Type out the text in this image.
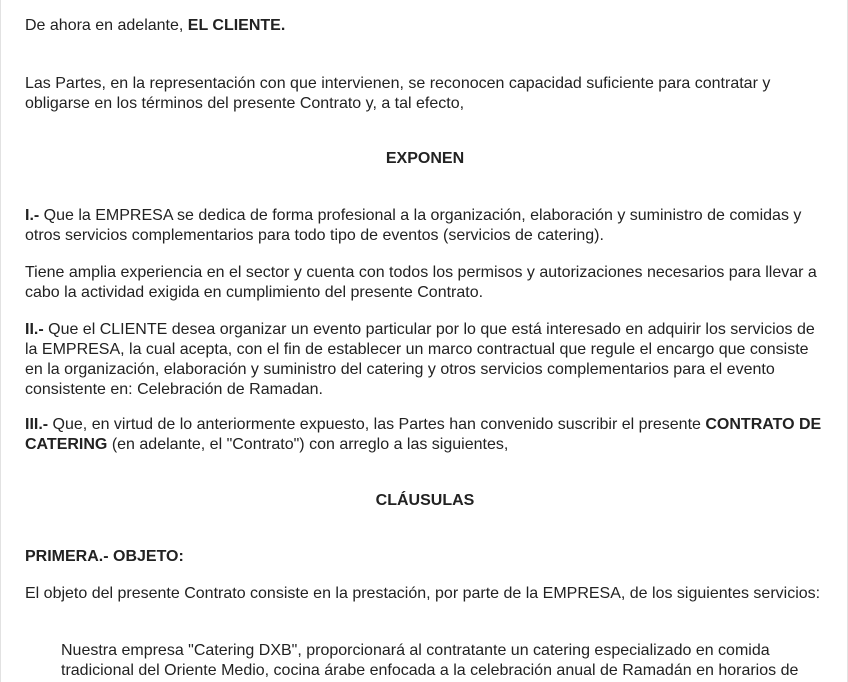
De ahora en adelante, EL CLIENTE.

Las Partes, en la representación con que intervienen, se reconocen capacidad suficiente para contratar y obligarse en los términos del presente Contrato y, a tal efecto,

EXPONEN

I.- Que la EMPRESA se dedica de forma profesional a la organización, elaboración y suministro de comidas y otros servicios complementarios para todo tipo de eventos (servicios de catering).

Tiene amplia experiencia en el sector y cuenta con todos los permisos y autorizaciones necesarios para llevar a cabo la actividad exigida en cumplimiento del presente Contrato.

II.- Que el CLIENTE desea organizar un evento particular por lo que está interesado en adquirir los servicios de la EMPRESA, la cual acepta, con el fin de establecer un marco contractual que regule el encargo que consiste en la organización, elaboración y suministro del catering y otros servicios complementarios para el evento consistente en: Celebración de Ramadan.

III.- Que, en virtud de lo anteriormente expuesto, las Partes han convenido suscribir el presente CONTRATO DE CATERING (en adelante, el "Contrato") con arreglo a las siguientes,

CLÁUSULAS

PRIMERA.- OBJETO:

El objeto del presente Contrato consiste en la prestación, por parte de la EMPRESA, de los siguientes servicios:

Nuestra empresa "Catering DXB", proporcionará al contratante un catering especializado en comida tradicional del Oriente Medio, cocina árabe enfocada a la celebración anual de Ramadán en horarios de
